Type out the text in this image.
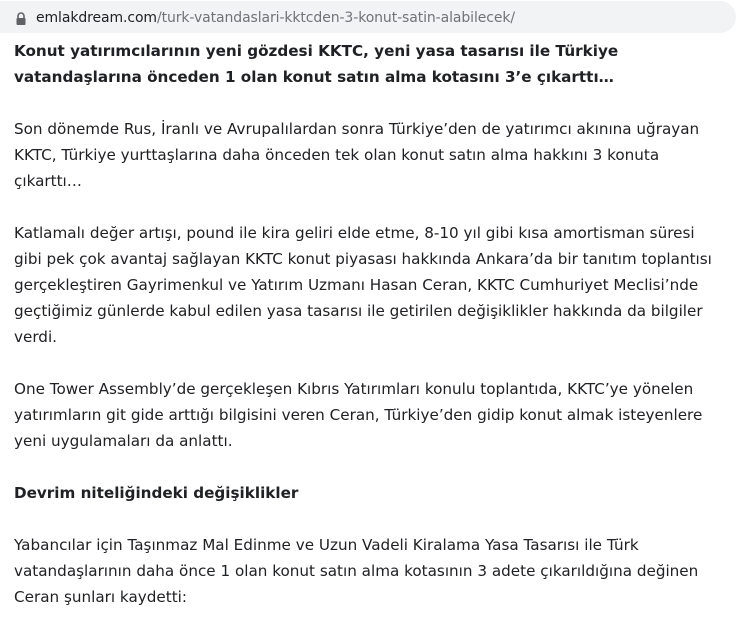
emlakdream.com/turk-vatandaslari-kktcden-3-konut-satin-alabilecek/

Konut yatırımcılarının yeni gözdesi KKTC, yeni yasa tasarısı ile Türkiye vatandaşlarına önceden 1 olan konut satın alma kotasını 3’e çıkarttı…

Son dönemde Rus, İranlı ve Avrupalılardan sonra Türkiye’den de yatırımcı akınına uğrayan KKTC, Türkiye yurttaşlarına daha önceden tek olan konut satın alma hakkını 3 konuta çıkarttı…

Katlamalı değer artışı, pound ile kira geliri elde etme, 8-10 yıl gibi kısa amortisman süresi gibi pek çok avantaj sağlayan KKTC konut piyasası hakkında Ankara’da bir tanıtım toplantısı gerçekleştiren Gayrimenkul ve Yatırım Uzmanı Hasan Ceran, KKTC Cumhuriyet Meclisi’nde geçtiğimiz günlerde kabul edilen yasa tasarısı ile getirilen değişiklikler hakkında da bilgiler verdi.

One Tower Assembly’de gerçekleşen Kıbrıs Yatırımları konulu toplantıda, KKTC’ye yönelen yatırımların git gide arttığı bilgisini veren Ceran, Türkiye’den gidip konut almak isteyenlere yeni uygulamaları da anlattı.

Devrim niteliğindeki değişiklikler

Yabancılar için Taşınmaz Mal Edinme ve Uzun Vadeli Kiralama Yasa Tasarısı ile Türk vatandaşlarının daha önce 1 olan konut satın alma kotasının 3 adete çıkarıldığına değinen Ceran şunları kaydetti:
